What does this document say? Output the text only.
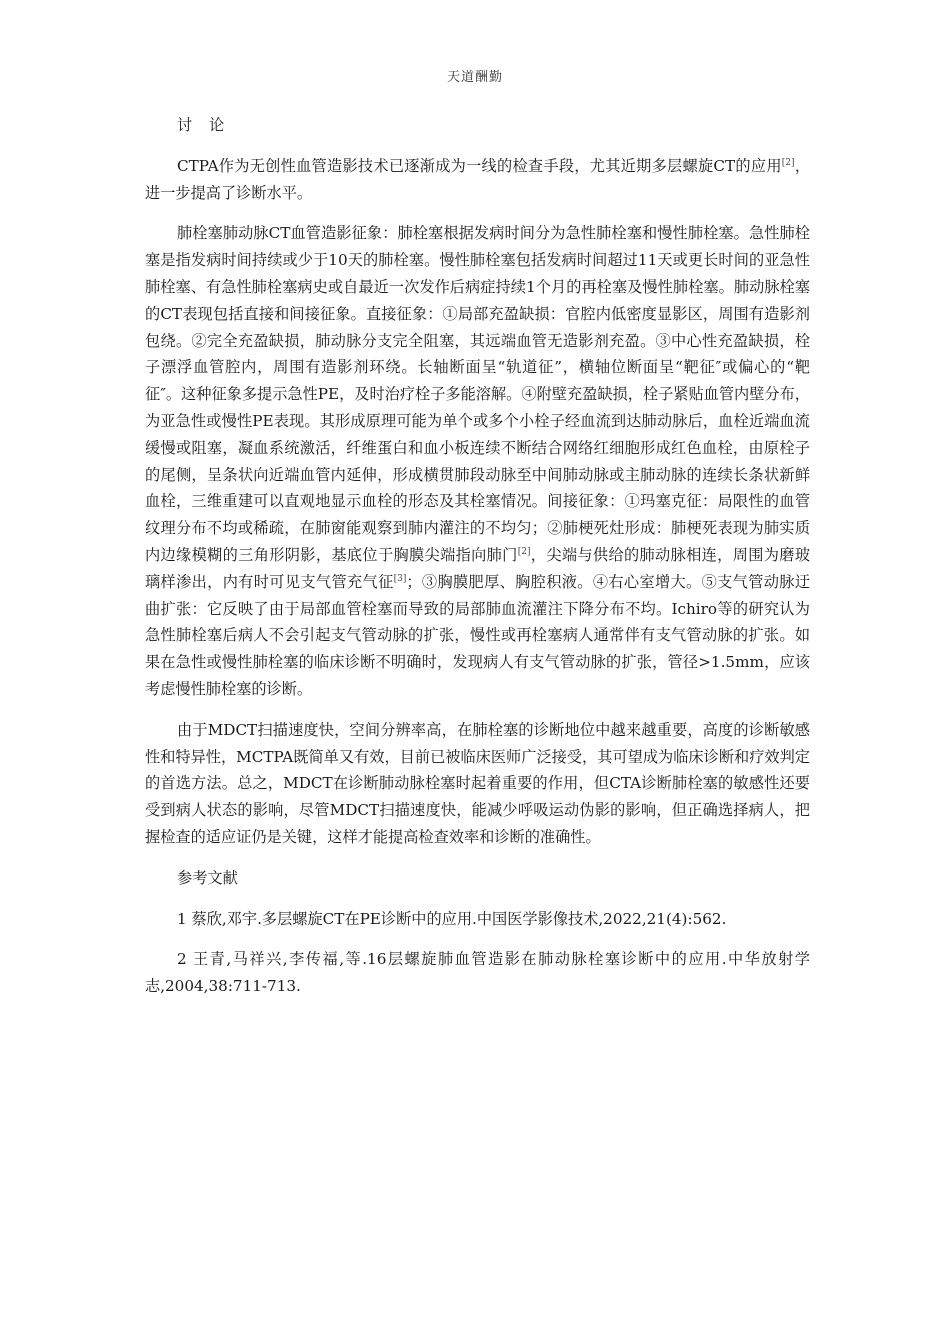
天道酬勤
讨 论

CTPA作为无创性血管造影技术已逐渐成为一线的检查手段，尤其近期多层螺旋CT的应用[2]，进一步提高了诊断水平。

肺栓塞肺动脉CT血管造影征象：肺栓塞根据发病时间分为急性肺栓塞和慢性肺栓塞。急性肺栓塞是指发病时间持续或少于10天的肺栓塞。慢性肺栓塞包括发病时间超过11天或更长时间的亚急性肺栓塞、有急性肺栓塞病史或自最近一次发作后病症持续1个月的再栓塞及慢性肺栓塞。肺动脉栓塞的CT表现包括直接和间接征象。直接征象：①局部充盈缺损：官腔内低密度显影区，周围有造影剂包绕。②完全充盈缺损，肺动脉分支完全阻塞，其远端血管无造影剂充盈。③中心性充盈缺损，栓子漂浮血管腔内，周围有造影剂环绕。长轴断面呈“轨道征”，横轴位断面呈“靶征″或偏心的“靶征″。这种征象多提示急性PE，及时治疗栓子多能溶解。④附壁充盈缺损，栓子紧贴血管内壁分布，为亚急性或慢性PE表现。其形成原理可能为单个或多个小栓子经血流到达肺动脉后，血栓近端血流缓慢或阻塞，凝血系统激活，纤维蛋白和血小板连续不断结合网络红细胞形成红色血栓，由原栓子的尾侧，呈条状向近端血管内延伸，形成横贯肺段动脉至中间肺动脉或主肺动脉的连续长条状新鲜血栓，三维重建可以直观地显示血栓的形态及其栓塞情况。间接征象：①玛塞克征：局限性的血管纹理分布不均或稀疏，在肺窗能观察到肺内灌注的不均匀；②肺梗死灶形成：肺梗死表现为肺实质内边缘模糊的三角形阴影，基底位于胸膜尖端指向肺门[2]，尖端与供给的肺动脉相连，周围为磨玻璃样渗出，内有时可见支气管充气征[3]；③胸膜肥厚、胸腔积液。④右心室增大。⑤支气管动脉迂曲扩张：它反映了由于局部血管栓塞而导致的局部肺血流灌注下降分布不均。Ichiro等的研究认为急性肺栓塞后病人不会引起支气管动脉的扩张，慢性或再栓塞病人通常伴有支气管动脉的扩张。如果在急性或慢性肺栓塞的临床诊断不明确时，发现病人有支气管动脉的扩张，管径>1.5mm，应该考虑慢性肺栓塞的诊断。

由于MDCT扫描速度快，空间分辨率高，在肺栓塞的诊断地位中越来越重要，高度的诊断敏感性和特异性，MCTPA既简单又有效，目前已被临床医师广泛接受，其可望成为临床诊断和疗效判定的首选方法。总之，MDCT在诊断肺动脉栓塞时起着重要的作用，但CTA诊断肺栓塞的敏感性还要受到病人状态的影响，尽管MDCT扫描速度快，能减少呼吸运动伪影的影响，但正确选择病人，把握检查的适应证仍是关键，这样才能提高检查效率和诊断的准确性。

参考文献

1 蔡欣,邓宇.多层螺旋CT在PE诊断中的应用.中国医学影像技术,2022,21(4):562.

2 王青,马祥兴,李传福,等.16层螺旋肺血管造影在肺动脉栓塞诊断中的应用.中华放射学志,2004,38:711-713.
